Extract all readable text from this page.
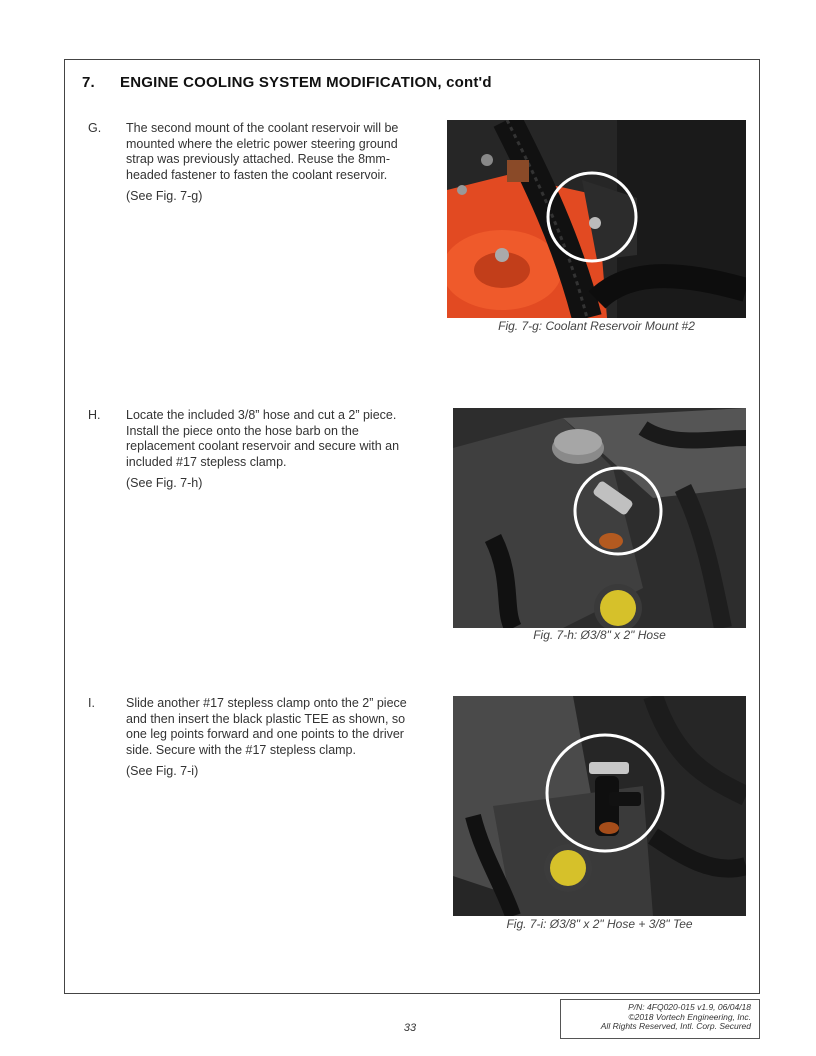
7. ENGINE COOLING SYSTEM MODIFICATION, cont'd
G. The second mount of the coolant reservoir will be mounted where the eletric power steering ground strap was previously attached. Reuse the 8mm-headed fastener to fasten the coolant reservoir.
(See Fig. 7-g)
Fig. 7-g: Coolant Reservoir Mount #2
H. Locate the included 3/8” hose and cut a 2” piece. Install the piece onto the hose barb on the replacement coolant reservoir and secure with an included #17 stepless clamp.
(See Fig. 7-h)
Fig. 7-h: Ø3/8" x 2" Hose
I. Slide another #17 stepless clamp onto the 2” piece and then insert the black plastic TEE as shown, so one leg points forward and one points to the driver side. Secure with the #17 stepless clamp.
(See Fig. 7-i)
Fig. 7-i: Ø3/8" x 2" Hose + 3/8" Tee
P/N: 4FQ020-015 v1.9, 06/04/18
©2018 Vortech Engineering, Inc.
All Rights Reserved, Intl. Corp. Secured
33
